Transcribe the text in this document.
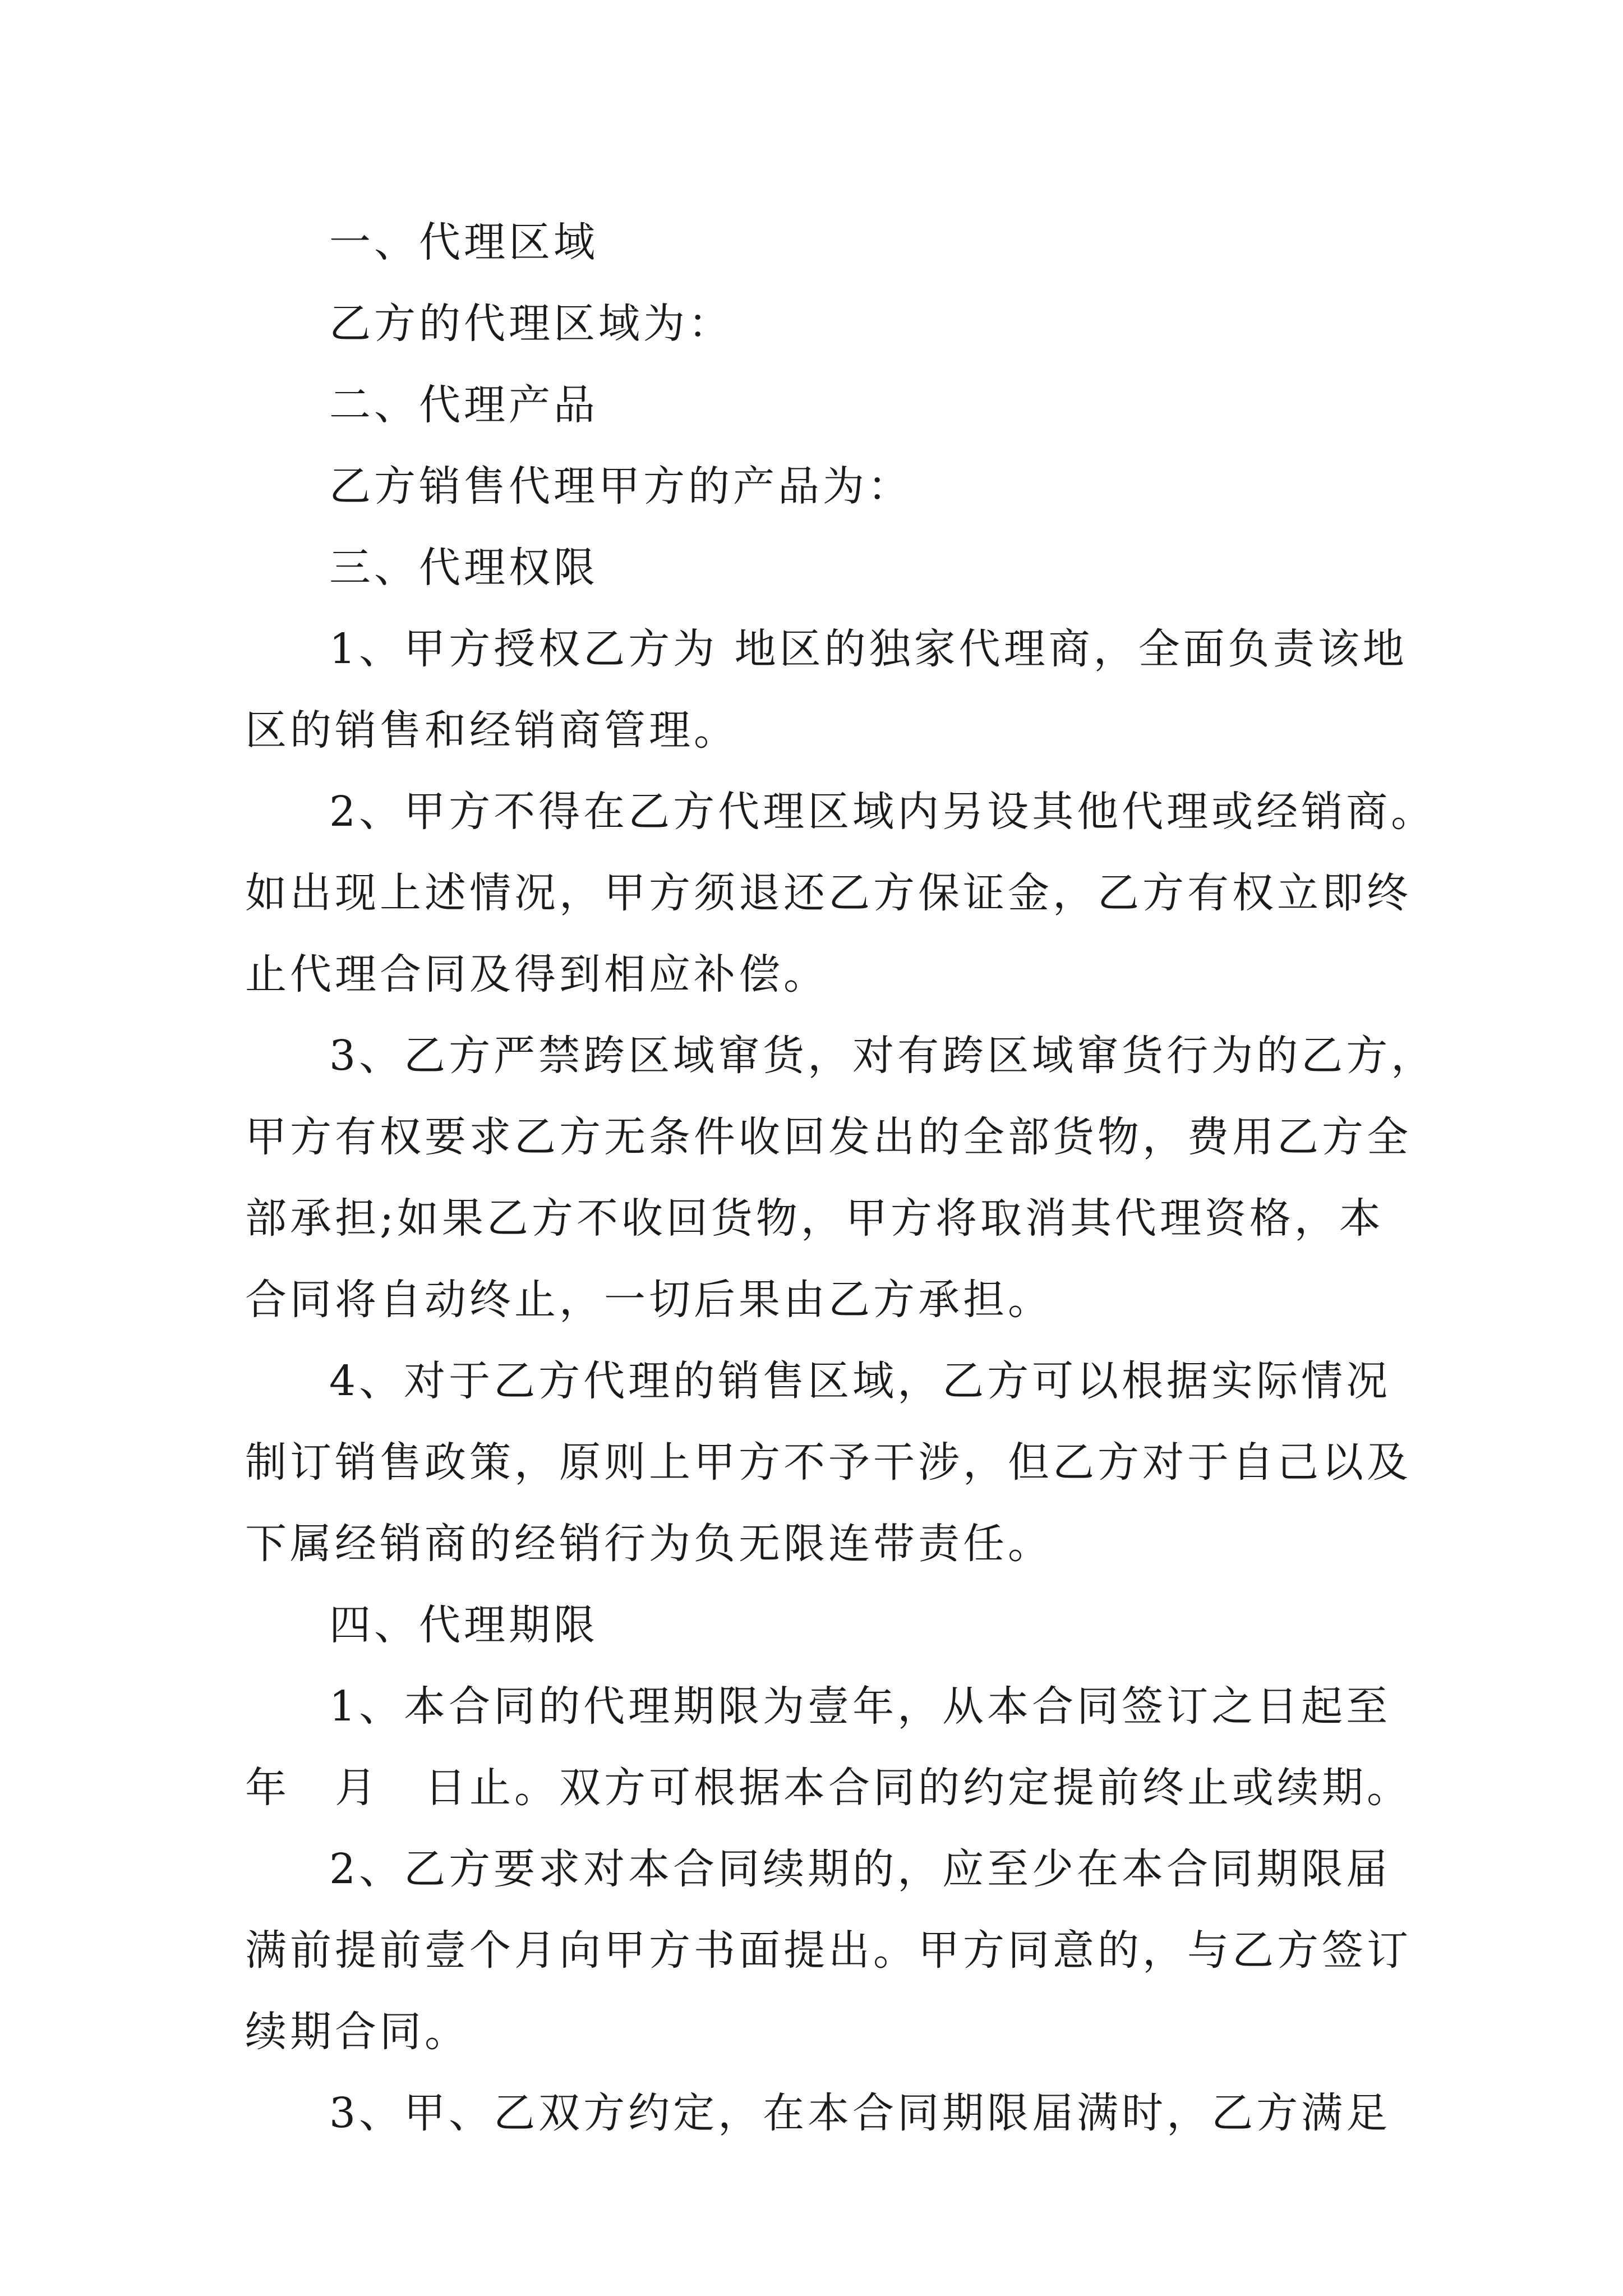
一、代理区域
乙方的代理区域为：
二、代理产品
乙方销售代理甲方的产品为：
三、代理权限
1、甲方授权乙方为 地区的独家代理商，全面负责该地
区的销售和经销商管理。
2、甲方不得在乙方代理区域内另设其他代理或经销商。
如出现上述情况，甲方须退还乙方保证金，乙方有权立即终
止代理合同及得到相应补偿。
3、乙方严禁跨区域窜货，对有跨区域窜货行为的乙方，
甲方有权要求乙方无条件收回发出的全部货物，费用乙方全
部承担;如果乙方不收回货物，甲方将取消其代理资格，本
合同将自动终止，一切后果由乙方承担。
4、对于乙方代理的销售区域，乙方可以根据实际情况
制订销售政策，原则上甲方不予干涉，但乙方对于自己以及
下属经销商的经销行为负无限连带责任。
四、代理期限
1、本合同的代理期限为壹年，从本合同签订之日起至
年　月　日止。双方可根据本合同的约定提前终止或续期。
2、乙方要求对本合同续期的，应至少在本合同期限届
满前提前壹个月向甲方书面提出。甲方同意的，与乙方签订
续期合同。
3、甲、乙双方约定，在本合同期限届满时，乙方满足
